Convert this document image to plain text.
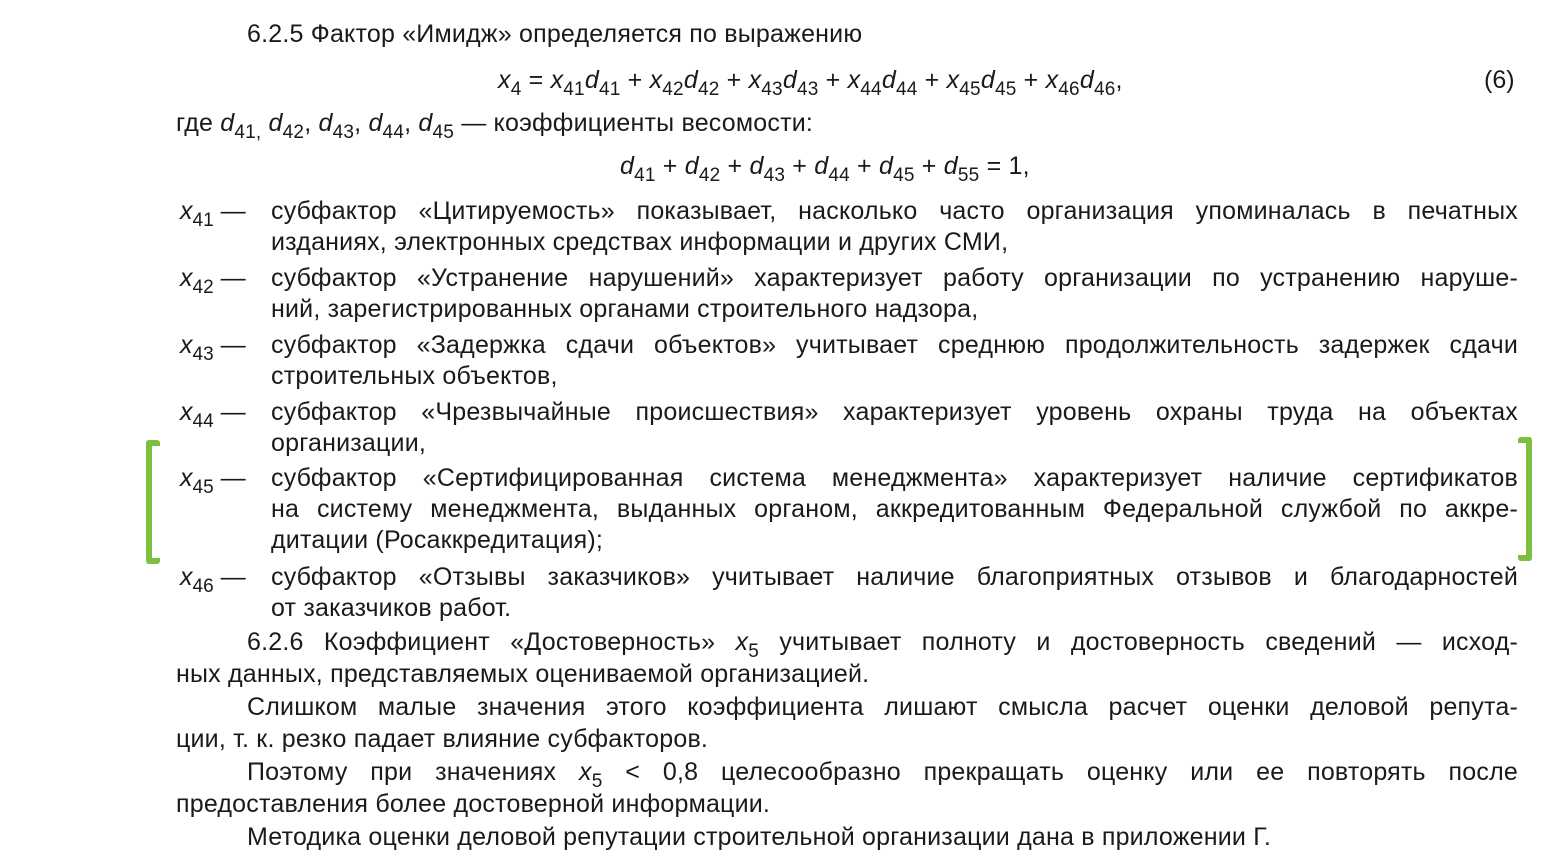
6.2.5 Фактор «Имидж» определяется по выражению
$x_4 = x_{41}d_{41} + x_{42}d_{42} + x_{43}d_{43} + x_{44}d_{44} + x_{45}d_{45} + x_{46}d_{46}$,	(6)
где $d_{41,}$ $d_{42}$, $d_{43}$, $d_{44}$, $d_{45}$ — коэффициенты весомости:
$d_{41} + d_{42} + d_{43} + d_{44} + d_{45} + d_{55} = 1$,
$x_{41}$ — субфактор «Цитируемость» показывает, насколько часто организация упоминалась в печатных
изданиях, электронных средствах информации и других СМИ,
$x_{42}$ — субфактор «Устранение нарушений» характеризует работу организации по устранению наруше-
ний, зарегистрированных органами строительного надзора,
$x_{43}$ — субфактор «Задержка сдачи объектов» учитывает среднюю продолжительность задержек сдачи
строительных объектов,
$x_{44}$ — субфактор «Чрезвычайные происшествия» характеризует уровень охраны труда на объектах
организации,
$x_{45}$ — субфактор «Сертифицированная система менеджмента» характеризует наличие сертификатов
на систему менеджмента, выданных органом, аккредитованным Федеральной службой по аккре-
дитации (Росаккредитация);
$x_{46}$ — субфактор «Отзывы заказчиков» учитывает наличие благоприятных отзывов и благодарностей
от заказчиков работ.
6.2.6 Коэффициент «Достоверность» $x_5$ учитывает полноту и достоверность сведений — исход-
ных данных, представляемых оцениваемой организацией.
Слишком малые значения этого коэффициента лишают смысла расчет оценки деловой репута-
ции, т. к. резко падает влияние субфакторов.
Поэтому при значениях $x_5 < 0,8$ целесообразно прекращать оценку или ее повторять после
предоставления более достоверной информации.
Методика оценки деловой репутации строительной организации дана в приложении Г.
